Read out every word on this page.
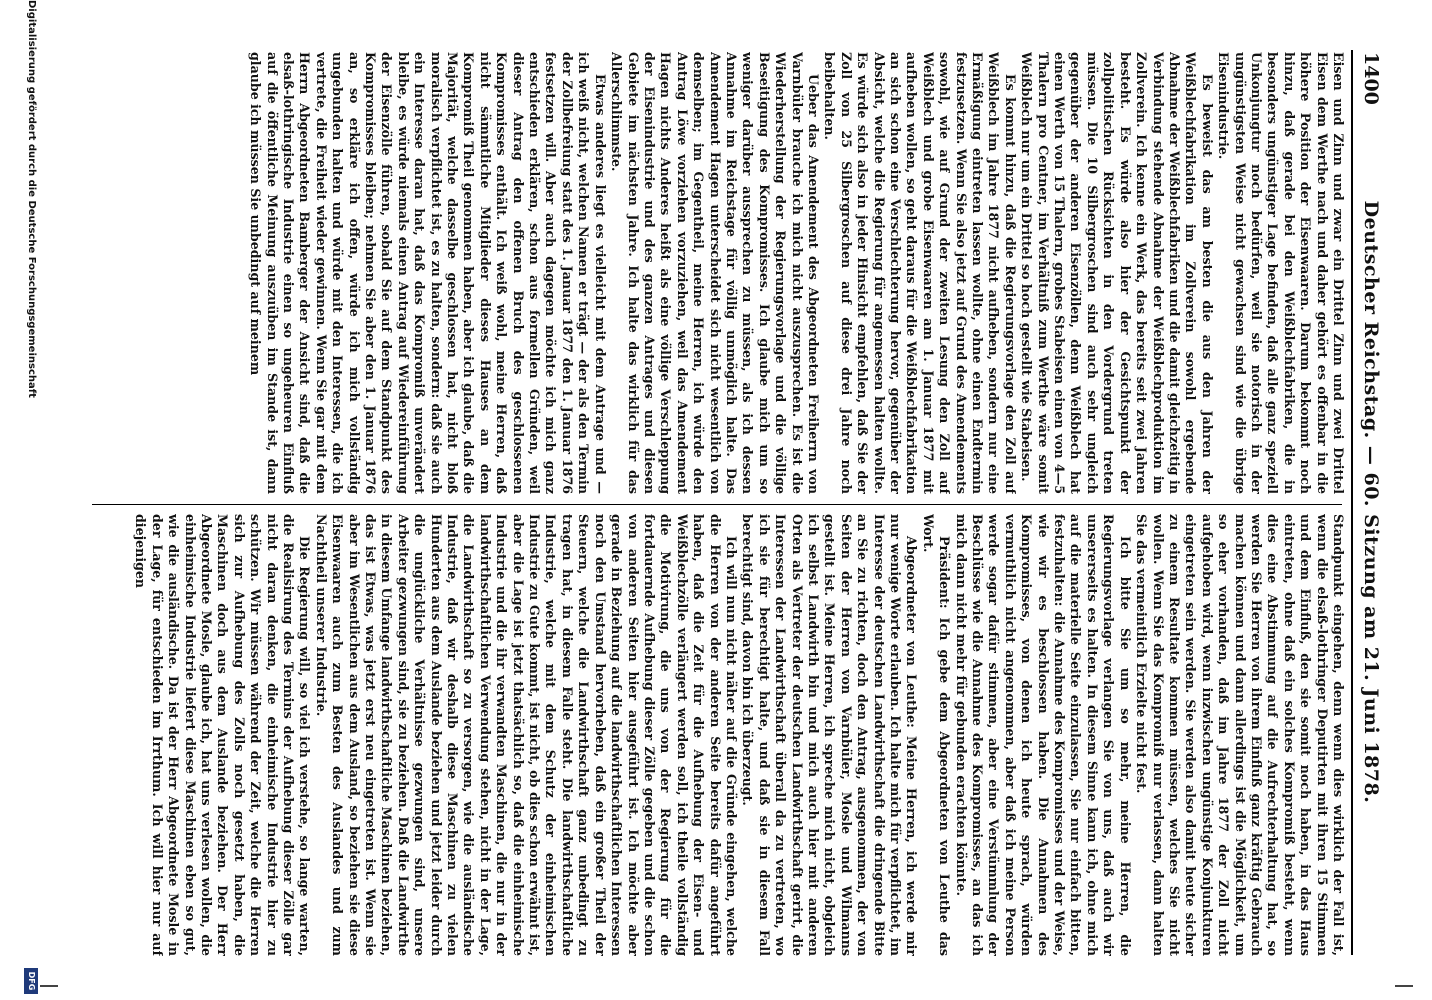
1400
Deutscher Reichstag. — 60. Sitzung am 21. Juni 1878.

Eisen und Zinn und zwar ein Drittel Zinn und zwei Drittel Eisen dem Werthe nach und daher gehört es offenbar in die höhere Position der Eisenwaaren. Darum bekommt noch hinzu, daß gerade bei den Weißblechfabriken, die in besonders ungünstiger Lage befinden, daß alle ganz speziell Unkonjungtur noch bedürfen, weil sie notorisch in der ungünstigsten Weise nicht gewachsen sind wie die übrige Eisenindustrie.

Es beweist das am besten die aus den Jahren der Weißblechfabrikation im Zollverein sowohl ergebende Abnahme der Weißblechfabriken und die damit gleichzeitig in Verbindung stehende Abnahme der Weißblechproduktion im Zollverein. Ich kenne ein Werk, das bereits seit zwei Jahren besteht. Es würde also hier der Gesichtspunkt der zollpolitischen Rücksichten in den Vordergrund treten müssen. Die 10 Silbergroschen sind auch sehr ungleich gegenüber der anderen Eisenzöllen, denn Weißblech hat einen Werth von 15 Thalern, grobes Stabeisen einen von 4—5 Thalern pro Centner, im Verhältniß zum Werthe wäre somit Weißblech nur um ein Drittel so hoch gestellt wie Stabeisen.

Es kommt hinzu, daß die Regierungsvorlage den Zoll auf Weißblech im Jahre 1877 nicht aufheben, sondern nur eine Ermäßigung eintreten lassen wollte, ohne einen Endtermin festzusetzen. Wenn Sie also jetzt auf Grund des Amendements sowohl, wie auf Grund der zweiten Lesung den Zoll auf Weißblech und grobe Eisenwaaren am 1. Januar 1877 mit aufheben wollen, so geht daraus für die Weißblechfabrikation an sich schon eine Verschlechterung hervor, gegenüber der Absicht, welche die Regierung für angemessen halten wollte. Es würde sich also in jeder Hinsicht empfehlen, daß Sie der Zoll von 25 Silbergroschen auf diese drei Jahre noch beibehalten.

Ueber das Amendement des Abgeordneten Freiherrn von Varnbüler brauche ich mich nicht auszusprechen. Es ist die Wiederherstellung der Regierungsvorlage und die völlige Beseitigung des Kompromisses. Ich glaube mich um so weniger darüber aussprechen zu müssen, als ich dessen Annahme im Reichstage für völlig unmöglich halte. Das Amendement Hagen unterscheidet sich nicht wesentlich von demselben; im Gegentheil, meine Herren, ich würde den Antrag Löwe vorziehen vorzuziehen, weil das Amendement Hagen nichts Anderes heißt als eine völlige Verschleppung der Eisenindustrie und des ganzen Antrages und diesen Gebiete im nächsten Jahre. Ich halte das wirklich für das Allerschlimmste.

Etwas anderes liegt es vielleicht mit dem Antrage und — ich weiß nicht, welchen Namen er trägt — der als den Termin der Zollbefreiung statt des 1. Januar 1877 den 1. Januar 1876 festsetzen will. Aber auch dagegen möchte ich mich ganz entschieden erklären, schon aus formellen Gründen, weil dieser Antrag den offenen Bruch des geschlossenen Kompromisses enthält. Ich weiß wohl, meine Herren, daß nicht sämmtliche Mitglieder dieses Hauses an dem Kompromiß Theil genommen haben, aber ich glaube, daß die Majorität, welche dasselbe geschlossen hat, nicht bloß moralisch verpflichtet ist, es zu halten, sondern: daß sie auch ein Interesse daran hat, daß das Kompromiß unverändert bleibe, es würde niemals einen Antrag auf Wiedereinführung der Eisenzölle führen, sobald Sie auf dem Standpunkt des Kompromisses bleiben; nehmen Sie aber den 1. Januar 1876 an, so erkläre ich offen, würde ich mich vollständig ungebunden halten und würde mit den Interessen, die ich vertrete, die Freiheit wieder gewinnen. Wenn Sie gar mit dem Herrn Abgeordneten Bamberger der Ansicht sind, daß die elsaß-lothringische Industrie einen so ungeheuren Einfluß auf die öffentliche Meinung auszuüben im Stande ist, dann glaube ich müssen Sie unbedingt auf meinem

Standpunkt eingehen, denn wenn dies wirklich der Fall ist, wenn die elsaß-lothringer Deputirten mit ihren 15 Stimmen und dem Einfluß, den sie somit noch haben, in das Haus eintreten, ohne daß ein solches Kompromiß besteht, wenn dies eine Abstimmung auf die Aufrechterhaltung hat, so werden Sie Herren von ihrem Einfluß ganz kräftig Gebrauch machen können und dann allerdings ist die Möglichkeit, um so eher vorhanden, daß im Jahre 1877 der Zoll nicht aufgehoben wird, wenn inzwischen ungünstige Konjunkturen eingetreten sein werden. Sie werden also damit heute sicher zu einem Resultate kommen müssen, welches Sie nicht wollen. Wenn Sie das Kompromiß nur verlassen, dann halten Sie das vermeintlich Erzielte nicht fest.

Ich bitte Sie um so mehr, meine Herren, die Regierungsvorlage verlangen Sie von uns, daß auch wir unsererseits es halten. In diesem Sinne kann ich, ohne mich auf die materielle Seite einzulassen, Sie nur einfach bitten, festzuhalten: die Annahme des Kompromisses und der Weise, wie wir es beschlossen haben. Die Annahmen des Kompromisses, von denen ich heute sprach, würden vermuthlich nicht angenommen, aber daß ich meine Person werde sogar dafür stimmen, aber eine Verstümmlung der Beschlüsse wie die Annahme des Kompromisses, an das ich mich dann nicht mehr für gebunden erachten könnte.

Präsident: Ich gebe dem Abgeordneten von Leuthe das Wort.

Abgeordneter von Leuthe: Meine Herren, ich werde mir nur wenige Worte erlauben. Ich halte mich für verpflichtet, im Interesse der deutschen Landwirthschaft die dringende Bitte an Sie zu richten, doch den Antrag, ausgenommen, der von Seiten der Herren von Varnbüler, Mosle und Wilmanns gestellt ist. Meine Herren, ich spreche mich nicht, obgleich ich selbst Landwirth bin und mich auch hier mit anderen Orten als Vertreter der deutschen Landwirthschaft gerirt, die Interessen der Landwirthschaft überall da zu vertreten, wo ich sie für berechtigt halte, und daß sie in diesem Fall berechtigt sind, davon bin ich überzeugt.

Ich will nun nicht näher auf die Gründe eingehen, welche die Herren von der anderen Seite bereits dafür angeführt haben, daß die Zeit für die Aufhebung der Eisen- und Weißblechzölle verlängert werden soll, ich theile vollständig die Motivirung, die uns von der Regierung für die fortdauernde Aufhebung dieser Zölle gegeben und die schon von anderen Seiten hier ausgeführt ist. Ich möchte aber gerade in Beziehung auf die landwirthschaftlichen Interessen noch den Umstand hervorheben, daß ein großer Theil der Steuern, welche die Landwirthschaft ganz unbedingt zu tragen hat, in diesem Falle steht. Die landwirthschaftliche Industrie, welche mit dem Schutz der einheimischen Industrie zu Gute kommt, ist nicht, ob dies schon erwähnt ist, aber die Lage ist jetzt thatsächlich so, daß die einheimische Industrie und die ihr verwandten Maschinen, die nur in der landwirthschaftlichen Verwendung stehen, nicht in der Lage, die Landwirthschaft so zu versorgen, wie die ausländische Industrie, daß wir deshalb diese Maschinen zu vielen Hunderten aus dem Auslande beziehen und jetzt leider durch die unglückliche Verhältnisse gezwungen sind, unsere Arbeiter gezwungen sind, sie zu beziehen. Daß die Landwirthe in diesem Umfange landwirthschaftliche Maschinen beziehen, das ist Etwas, was jetzt erst neu eingetreten ist. Wenn sie aber im Wesentlichen aus dem Ausland, so beziehen sie diese Eisenwaaren auch zum Besten des Auslandes und zum Nachtheil unserer Industrie.

Die Regierung will, so viel ich verstehe, so lange warten, die Realisirung des Termins der Aufhebung dieser Zölle gar nicht daran denken, die einheimische Industrie hier zu schützen. Wir müssen während der Zeit, welche die Herren sich zur Aufhebung des Zolls noch gesetzt haben, die Maschinen doch aus dem Auslande beziehen. Der Herr Abgeordnete Mosle, glaube ich, hat uns verlesen wollen, die einheimische Industrie liefert diese Maschinen eben so gut, wie die ausländische. Da ist der Herr Abgeordnete Mosle in der Lage, für entschieden im Irrthum. Ich will hier nur auf diejenigen

Digitalisierung gefördert durch die Deutsche Forschungsgemeinschaft
DFG
